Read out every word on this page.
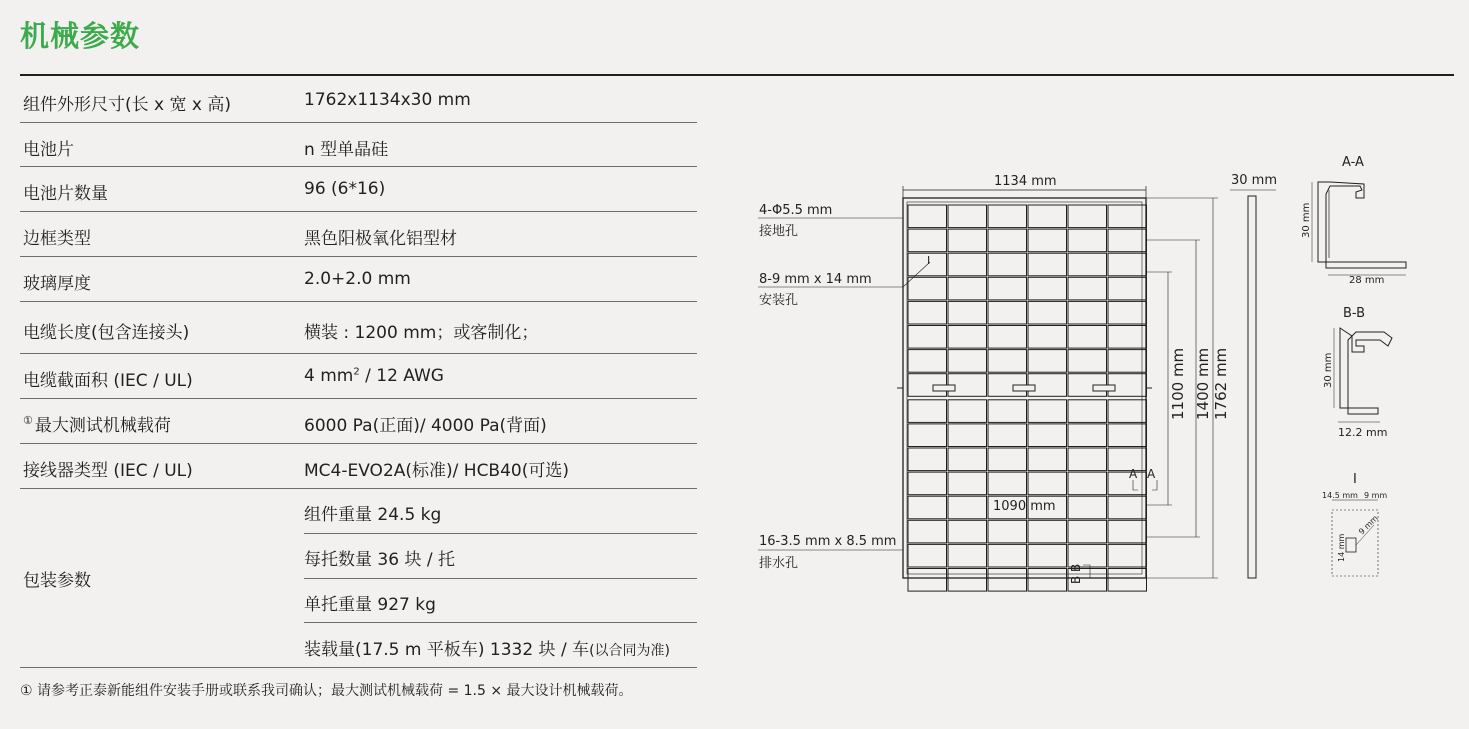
机械参数
组件外形尺寸(长 x 宽 x 高)	1762x1134x30 mm
电池片	n 型单晶硅
电池片数量	96 (6*16)
边框类型	黑色阳极氧化铝型材
玻璃厚度	2.0+2.0 mm
电缆长度(包含连接头)	横装 : 1200 mm；或客制化；
电缆截面积 (IEC / UL)	4 $mm^2 / 12$ AWG
① 最大测试机械载荷	6000 Pa(正面)/ 4000 Pa(背面)
接线器类型 (IEC / UL)	MC4-EVO2A(标准)/ HCB40(可选)
包装参数
组件重量 24.5 kg
每托数量 36 块 / 托
单托重量 927 kg
装载量(17.5 m 平板车) 1332 块 / 车(以合同为准)
① 请参考正泰新能组件安装手册或联系我司确认；最大测试机械载荷 = 1.5 × 最大设计机械载荷。
1134 mm
4-Φ5.5 mm
接地孔
8-9 mm x 14 mm
安装孔
16-3.5 mm x 8.5 mm
排水孔
I
1090 mm
A A
B
B
1100 mm 1400 mm 1762 mm
30 mm
A-A
30 mm
28 mm
B-B
30 mm
12.2 mm
I
14.5 mm 9 mm
14 mm
9 mm
